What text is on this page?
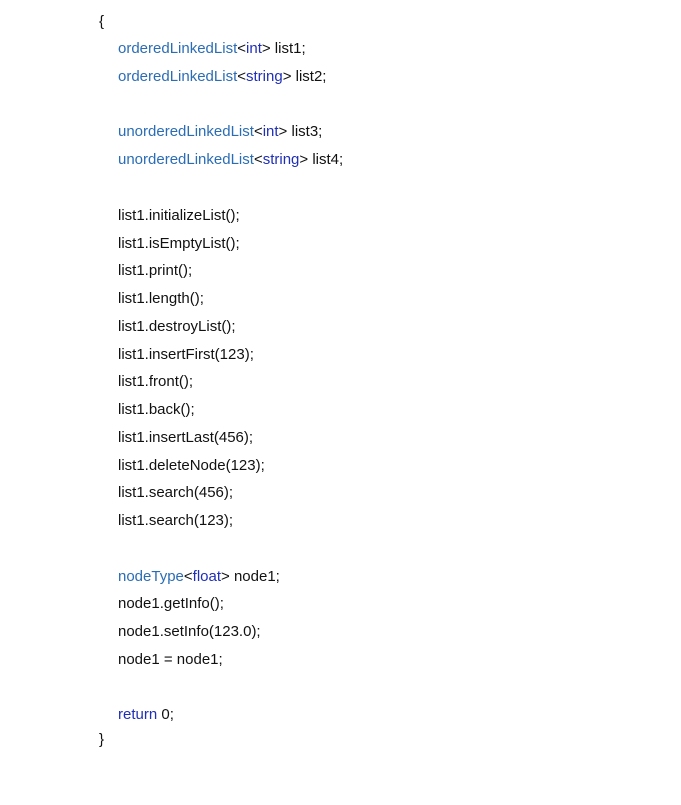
{
orderedLinkedList<int> list1;
orderedLinkedList<string> list2;
unorderedLinkedList<int> list3;
unorderedLinkedList<string> list4;
list1.initializeList();
list1.isEmptyList();
list1.print();
list1.length();
list1.destroyList();
list1.insertFirst(123);
list1.front();
list1.back();
list1.insertLast(456);
list1.deleteNode(123);
list1.search(456);
list1.search(123);
nodeType<float> node1;
node1.getInfo();
node1.setInfo(123.0);
node1 = node1;
return 0;
}
